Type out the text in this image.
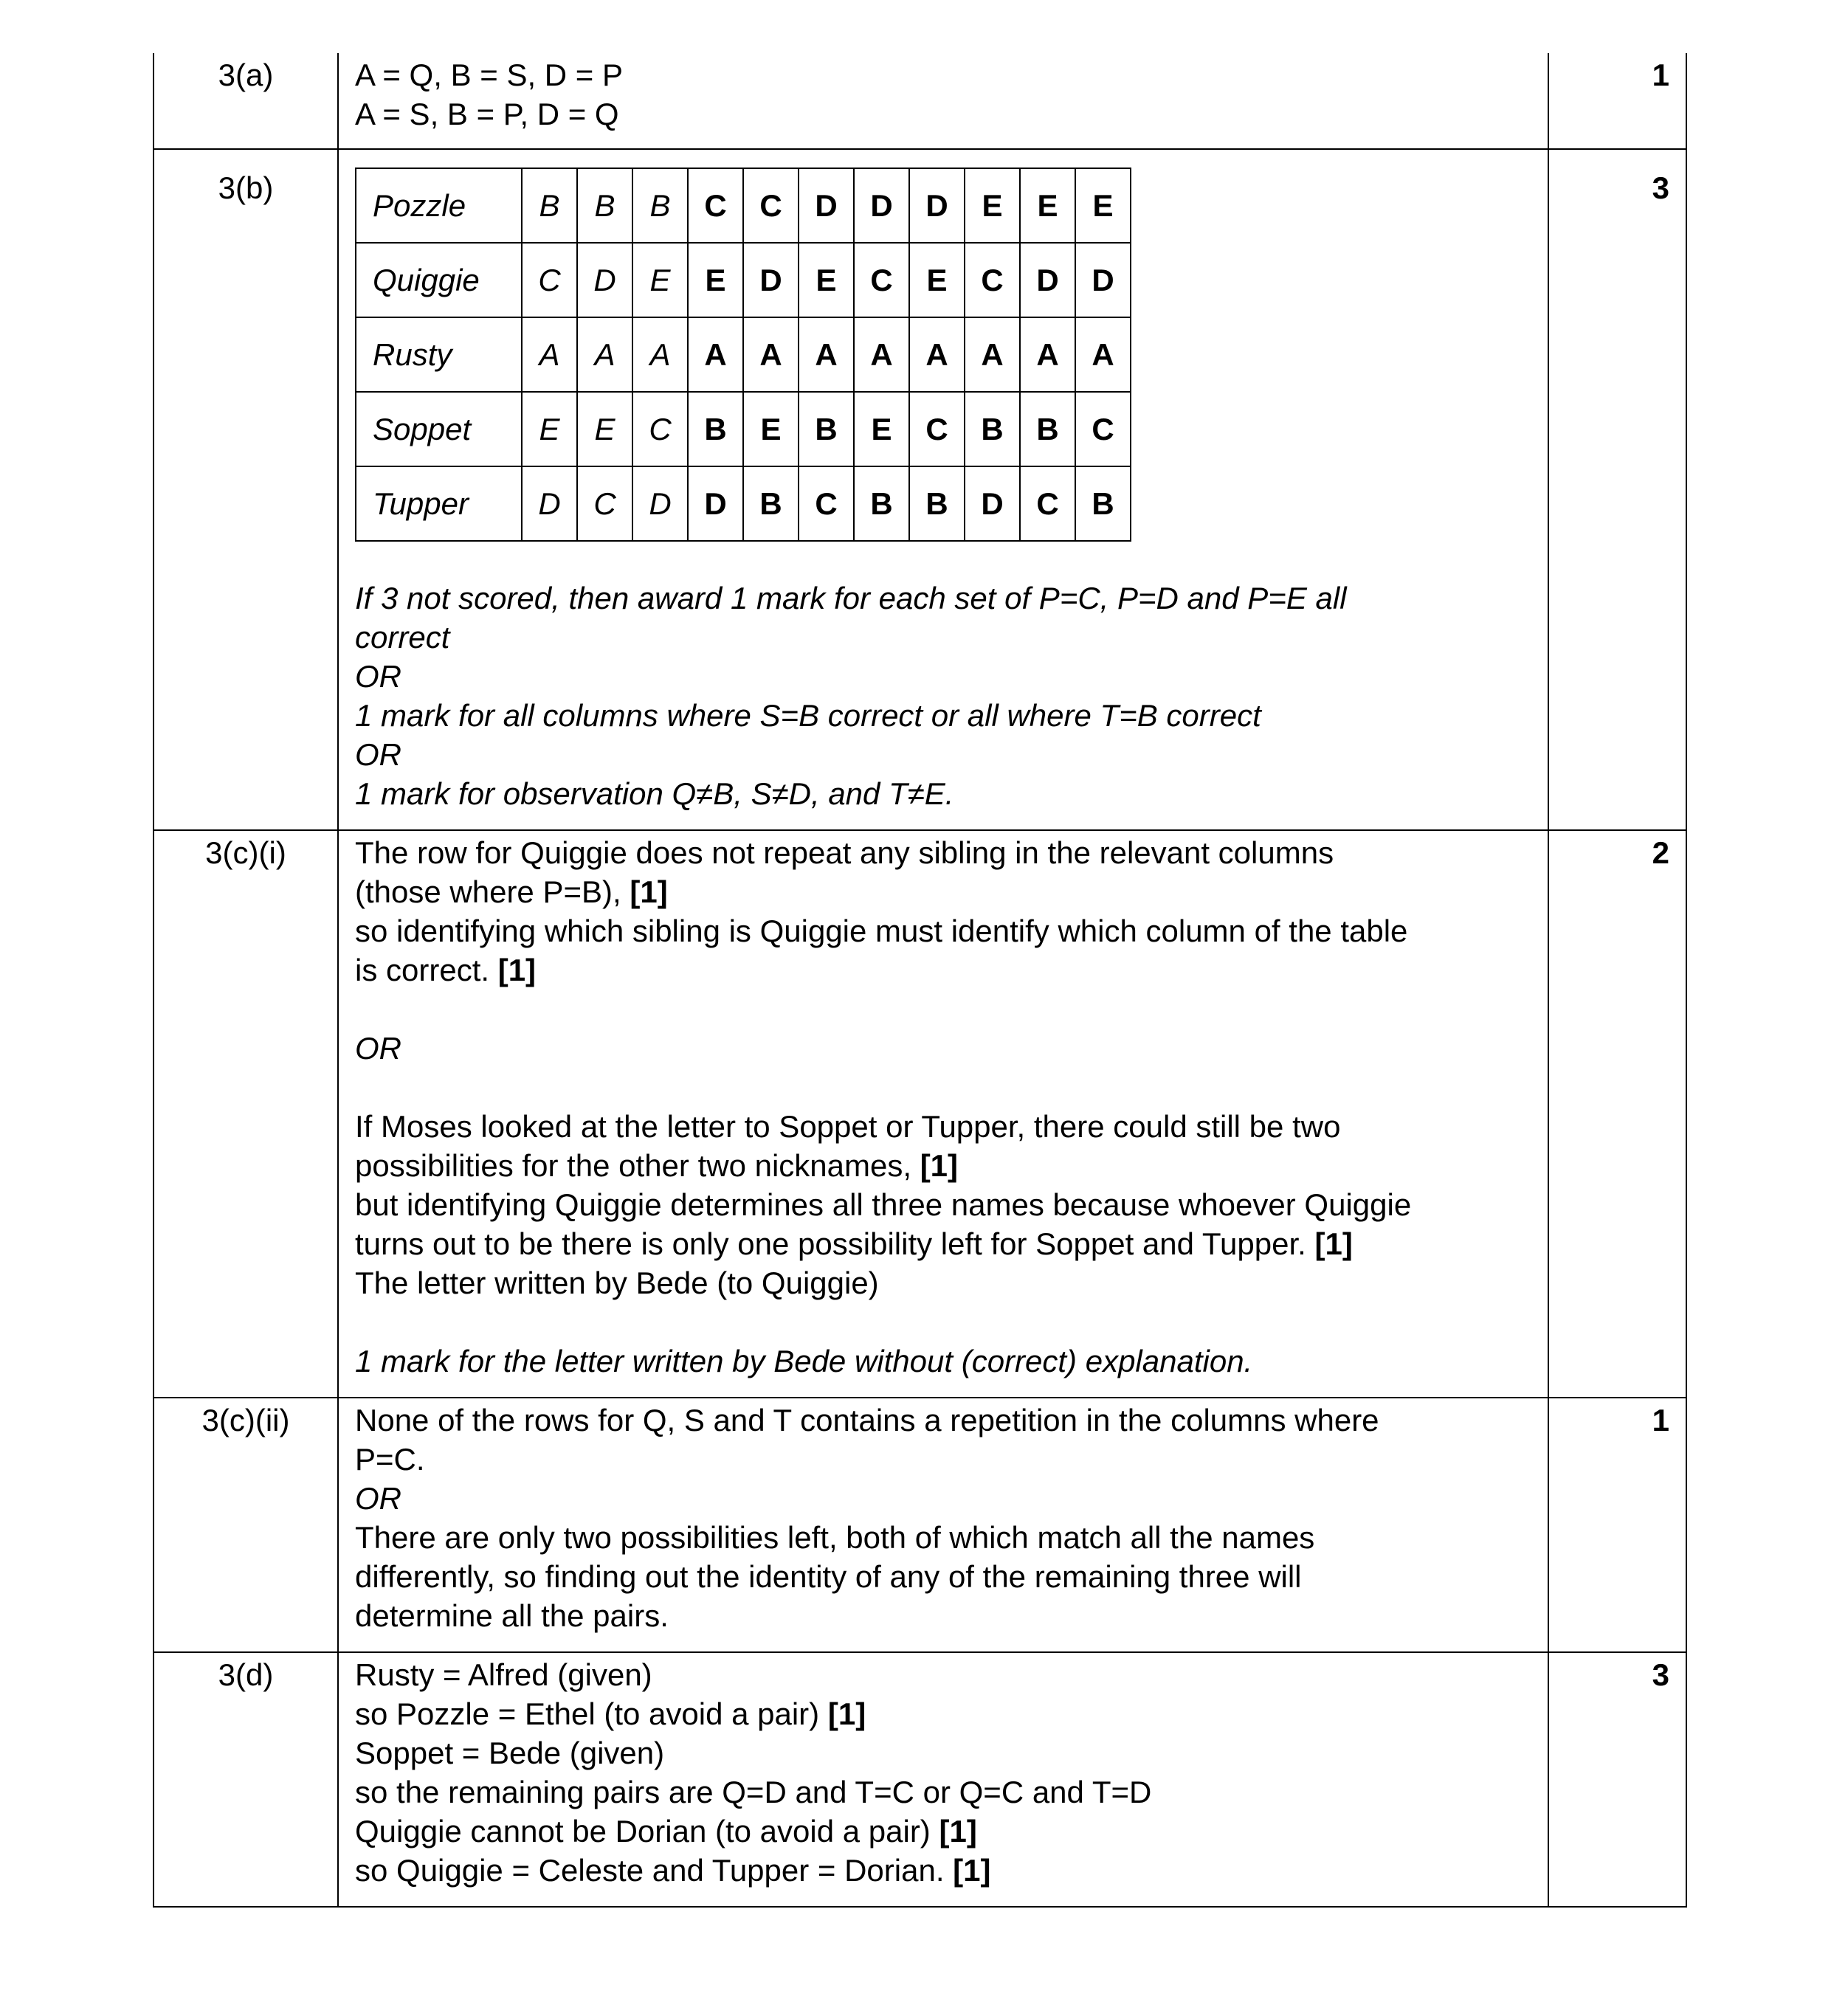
3(a)	A = Q, B = S, D = P
A = S, B = P, D = Q
	1
3(b)		Pozzle	B	B	B	C	C	D	D	D	E	E	E
Quiggie	C	D	E	E	D	E	C	E	C	D	D
Rusty	A	A	A	A	A	A	A	A	A	A	A
Soppet	E	E	C	B	E	B	E	C	B	B	C
Tupper	D	C	D	D	B	C	B	B	D	C	B
If 3 not scored, then award 1 mark for each set of P=C, P=D and P=E all
correct
OR
1 mark for all columns where S=B correct or all where T=B correct
OR
1 mark for observation Q≠B, S≠D, and T≠E.
	3
3(c)(i)	The row for Quiggie does not repeat any sibling in the relevant columns
(those where P=B), [1]
so identifying which sibling is Quiggie must identify which column of the table
is correct. [1]
OR
If Moses looked at the letter to Soppet or Tupper, there could still be two
possibilities for the other two nicknames, [1]
but identifying Quiggie determines all three names because whoever Quiggie
turns out to be there is only one possibility left for Soppet and Tupper. [1]
The letter written by Bede (to Quiggie)
1 mark for the letter written by Bede without (correct) explanation.
	2
3(c)(ii)	None of the rows for Q, S and T contains a repetition in the columns where
P=C.
OR
There are only two possibilities left, both of which match all the names
differently, so finding out the identity of any of the remaining three will
determine all the pairs.
	1
3(d)	Rusty = Alfred (given)
so Pozzle = Ethel (to avoid a pair) [1]
Soppet = Bede (given)
so the remaining pairs are Q=D and T=C or Q=C and T=D
Quiggie cannot be Dorian (to avoid a pair) [1]
so Quiggie = Celeste and Tupper = Dorian. [1]
	3
